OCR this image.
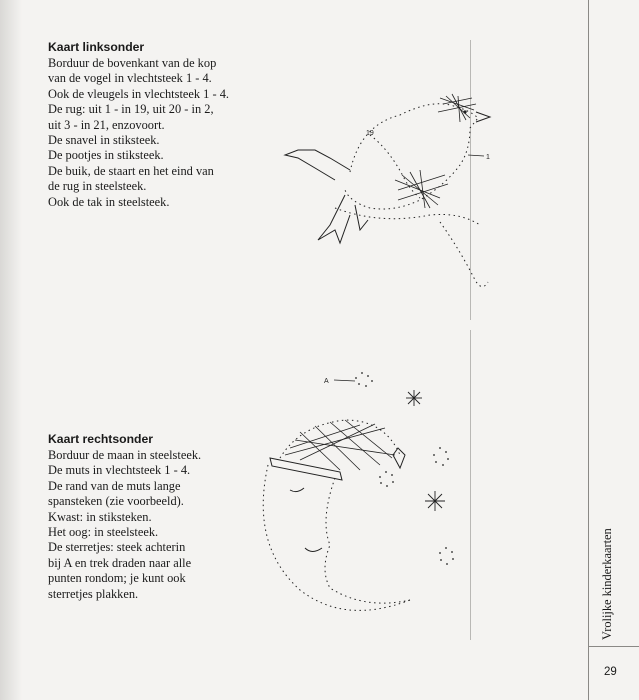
Kaart linksonder

Borduur de bovenkant van de kop

van de vogel in vlechtsteek 1 - 4.

Ook de vleugels in vlechtsteek 1 - 4.

De rug: uit 1 - in 19, uit 20 - in 2,

uit 3 - in 21, enzovoort.

De snavel in stiksteek.

De pootjes in stiksteek.

De buik, de staart en het eind van

de rug in steelsteek.

Ook de tak in steelsteek.

Kaart rechtsonder

Borduur de maan in steelsteek.

De muts in vlechtsteek 1 - 4.

De rand van de muts lange

spansteken (zie voorbeeld).

Kwast: in stiksteken.

Het oog: in steelsteek.

De sterretjes: steek achterin

bij A en trek draden naar alle

punten rondom; je kunt ook

sterretjes plakken.	Vrolijke kinderkaarten
29
19
1
A
